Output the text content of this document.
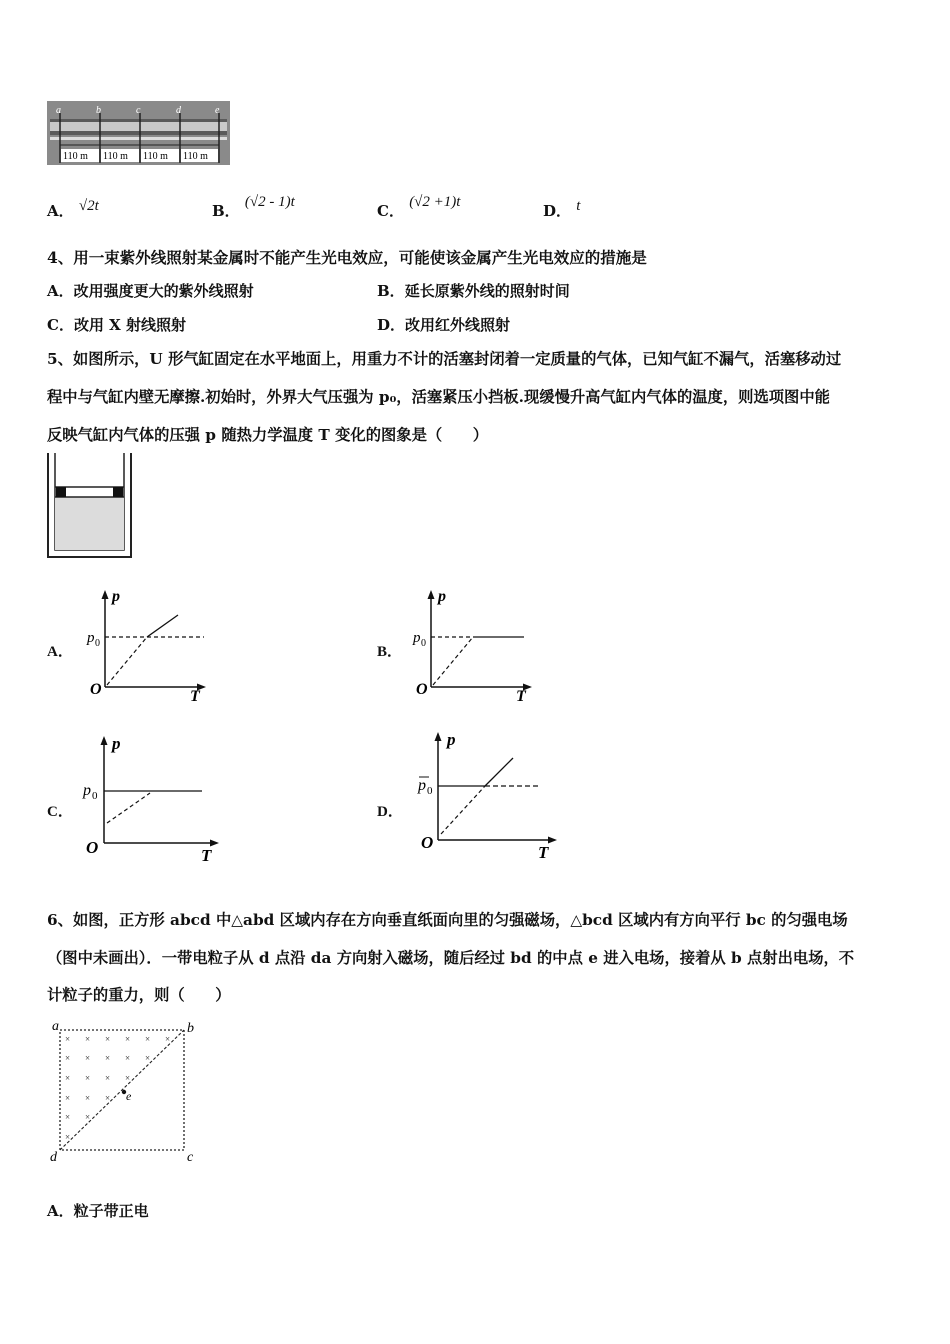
a	b	c	d	e
110 m 110 m 110 m 110 m
A． √2t	B． (√2 - 1)t	C． (√2 +1)t	D． t
4、用一束紫外线照射某金属时不能产生光电效应，可能使该金属产生光电效应的措施是
A．改用强度更大的紫外线照射	B．延长原紫外线的照射时间
C．改用 X 射线照射	D．改用红外线照射
5、如图所示，U 形气缸固定在水平地面上，用重力不计的活塞封闭着一定质量的气体，已知气缸不漏气，活塞移动过
程中与气缸内壁无摩擦.初始时，外界大气压强为 p₀，活塞紧压小挡板.现缓慢升高气缸内气体的温度，则选项图中能
反映气缸内气体的压强 p 随热力学温度 T 变化的图象是（　　）
A．
p
p 0
O	T
B．
p
p 0
O	T
C．
p
p 0
O	T
D．
p
p 0
O
T
6、如图，正方形 abcd 中△abd 区域内存在方向垂直纸面向里的匀强磁场，△bcd 区域内有方向平行 bc 的匀强电场
（图中未画出）．一带电粒子从 d 点沿 da 方向射入磁场，随后经过 bd 的中点 e 进入电场，接着从 b 点射出电场，不
计粒子的重力，则（　　）
× × × × × ×
× × × × ×
× × × ×
× × ×
× ×
×
a	b
c
d
e
A．粒子带正电
